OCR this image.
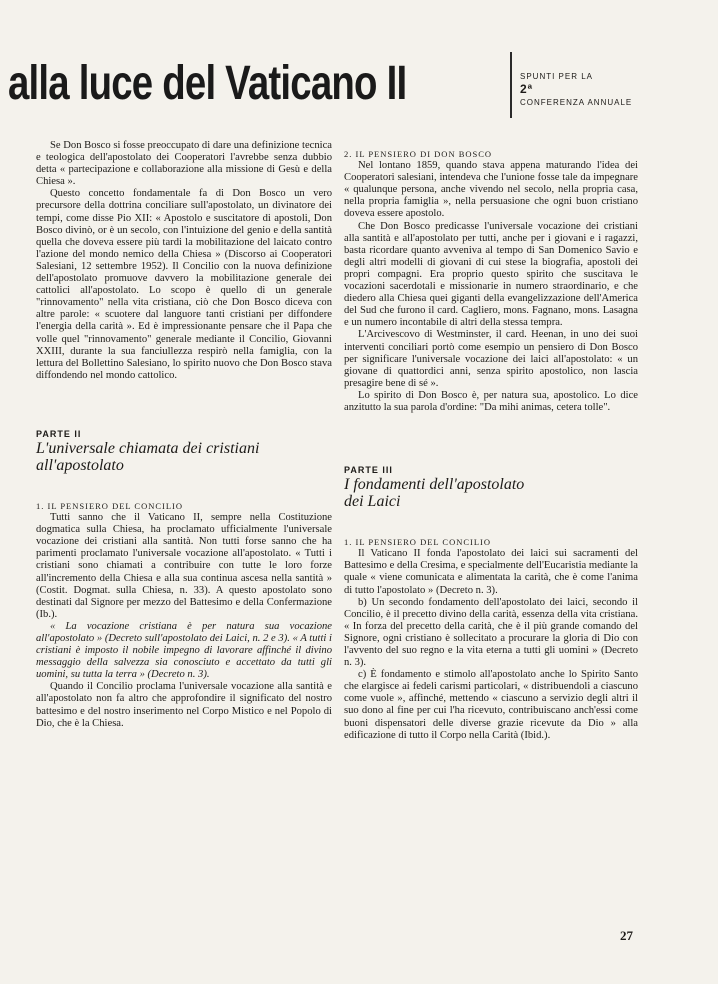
alla luce del Vaticano II	SPUNTI PER LA
2ª
CONFERENZA ANNUALE

Se Don Bosco si fosse preoccupato di dare una definizione tecnica e teologica dell'apostolato dei Cooperatori l'avrebbe senza dubbio detta « partecipazione e collaborazione alla missione di Gesù e della Chiesa ».

Questo concetto fondamentale fa di Don Bosco un vero precursore della dottrina conciliare sull'apostolato, un divinatore dei tempi, come disse Pio XII: « Apostolo e suscitatore di apostoli, Don Bosco divinò, or è un secolo, con l'intuizione del genio e della santità quella che doveva essere più tardi la mobilitazione del laicato contro l'azione del mondo nemico della Chiesa » (Discorso ai Cooperatori Salesiani, 12 settembre 1952). Il Concilio con la nuova definizione dell'apostolato promuove davvero la mobilitazione generale dei cattolici all'apostolato. Lo scopo è quello di un generale "rinnovamento" nella vita cristiana, ciò che Don Bosco diceva con altre parole: « scuotere dal languore tanti cristiani per diffondere l'energia della carità ». Ed è impressionante pensare che il Papa che volle quel "rinnovamento" generale mediante il Concilio, Giovanni XXIII, durante la sua fanciullezza respirò nella famiglia, con la lettura del Bollettino Salesiano, lo spirito nuovo che Don Bosco stava diffondendo nel mondo cattolico.

PARTE II

L'universale chiamata dei cristiani all'apostolato

1. IL PENSIERO DEL CONCILIO

Tutti sanno che il Vaticano II, sempre nella Costituzione dogmatica sulla Chiesa, ha proclamato ufficialmente l'universale vocazione dei cristiani alla santità. Non tutti forse sanno che ha parimenti proclamato l'universale vocazione all'apostolato. « Tutti i cristiani sono chiamati a contribuire con tutte le loro forze all'incremento della Chiesa e alla sua continua ascesa nella santità » (Costit. Dogmat. sulla Chiesa, n. 33). A questo apostolato sono destinati dal Signore per mezzo del Battesimo e della Confermazione (Ib.).

« La vocazione cristiana è per natura sua vocazione all'apostolato » (Decreto sull'apostolato dei Laici, n. 2 e 3). « A tutti i cristiani è imposto il nobile impegno di lavorare affinché il divino messaggio della salvezza sia conosciuto e accettato da tutti gli uomini, su tutta la terra » (Decreto n. 3).

Quando il Concilio proclama l'universale vocazione alla santità e all'apostolato non fa altro che approfondire il significato del nostro battesimo e del nostro inserimento nel Corpo Mistico e nel Popolo di Dio, che è la Chiesa.

2. IL PENSIERO DI DON BOSCO

Nel lontano 1859, quando stava appena maturando l'idea dei Cooperatori salesiani, intendeva che l'unione fosse tale da impegnare « qualunque persona, anche vivendo nel secolo, nella propria casa, nella propria famiglia », nella persuasione che ogni buon cristiano doveva essere apostolo.

Che Don Bosco predicasse l'universale vocazione dei cristiani alla santità e all'apostolato per tutti, anche per i giovani e i ragazzi, basta ricordare quanto avveniva al tempo di San Domenico Savio e degli altri modelli di giovani di cui stese la biografia, apostoli dei propri compagni. Era proprio questo spirito che suscitava le vocazioni sacerdotali e missionarie in numero straordinario, e che diedero alla Chiesa quei giganti della evangelizzazione dell'America del Sud che furono il card. Cagliero, mons. Fagnano, mons. Lasagna e un numero incontabile di altri della stessa tempra.

L'Arcivescovo di Westminster, il card. Heenan, in uno dei suoi interventi conciliari portò come esempio un pensiero di Don Bosco per significare l'universale vocazione dei laici all'apostolato: « un giovane di quattordici anni, senza spirito apostolico, non lascia presagire bene di sé ».

Lo spirito di Don Bosco è, per natura sua, apostolico. Lo dice anzitutto la sua parola d'ordine: "Da mihi animas, cetera tolle".

PARTE III

I fondamenti dell'apostolato dei Laici

1. IL PENSIERO DEL CONCILIO

Il Vaticano II fonda l'apostolato dei laici sui sacramenti del Battesimo e della Cresima, e specialmente dell'Eucaristia mediante la quale « viene comunicata e alimentata la carità, che è come l'anima di tutto l'apostolato » (Decreto n. 3).

b) Un secondo fondamento dell'apostolato dei laici, secondo il Concilio, è il precetto divino della carità, essenza della vita cristiana. « In forza del precetto della carità, che è il più grande comando del Signore, ogni cristiano è sollecitato a procurare la gloria di Dio con l'avvento del suo regno e la vita eterna a tutti gli uomini » (Decreto n. 3).

c) È fondamento e stimolo all'apostolato anche lo Spirito Santo che elargisce ai fedeli carismi particolari, « distribuendoli a ciascuno come vuole », affinché, mettendo « ciascuno a servizio degli altri il suo dono al fine per cui l'ha ricevuto, contribuiscano anch'essi come buoni dispensatori delle diverse grazie ricevute da Dio » alla edificazione di tutto il Corpo nella Carità (Ibid.).

27
